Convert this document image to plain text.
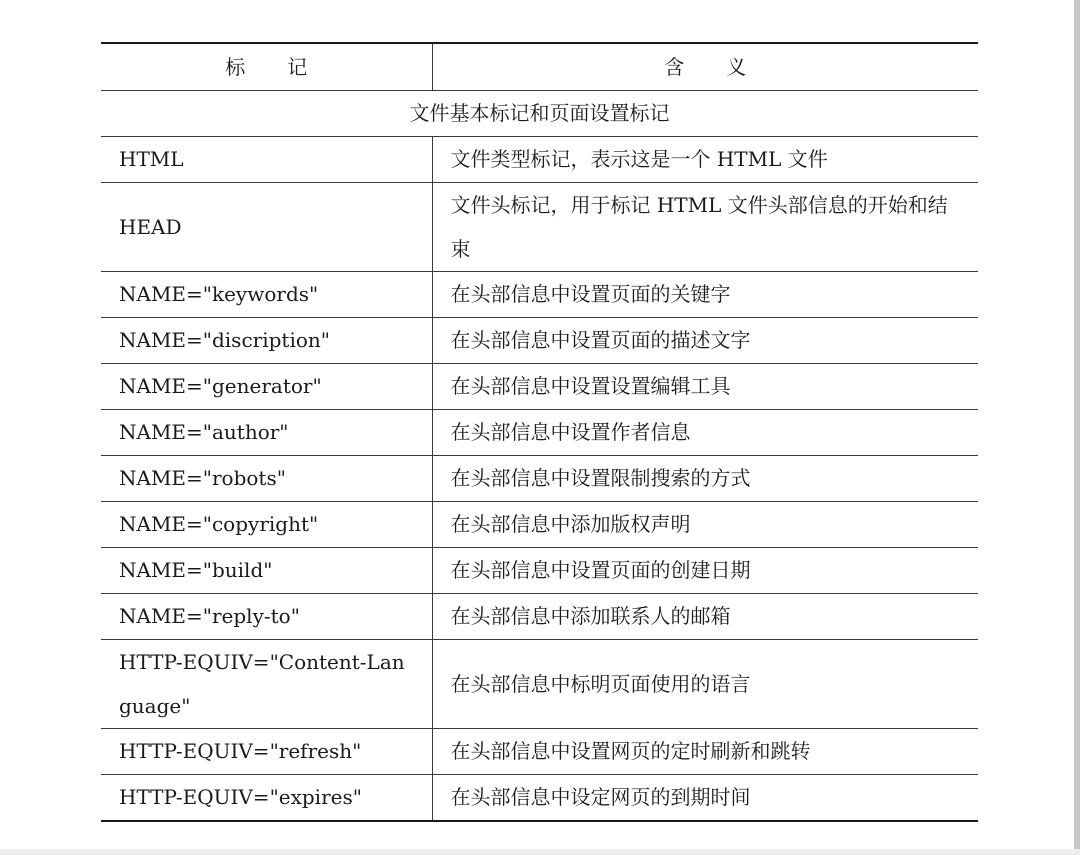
标 记	含 义
文件基本标记和页面设置标记	
HTML	文件类型标记，表示这是一个 HTML 文件
HEAD	文件头标记，用于标记 HTML 文件头部信息的开始和结束
NAME="keywords"	在头部信息中设置页面的关键字
NAME="discription"	在头部信息中设置页面的描述文字
NAME="generator"	在头部信息中设置设置编辑工具
NAME="author"	在头部信息中设置作者信息
NAME="robots"	在头部信息中设置限制搜索的方式
NAME="copyright"	在头部信息中添加版权声明
NAME="build"	在头部信息中设置页面的创建日期
NAME="reply-to"	在头部信息中添加联系人的邮箱
HTTP-EQUIV="Content-Language"	在头部信息中标明页面使用的语言
HTTP-EQUIV="refresh"	在头部信息中设置网页的定时刷新和跳转
HTTP-EQUIV="expires"	在头部信息中设定网页的到期时间
